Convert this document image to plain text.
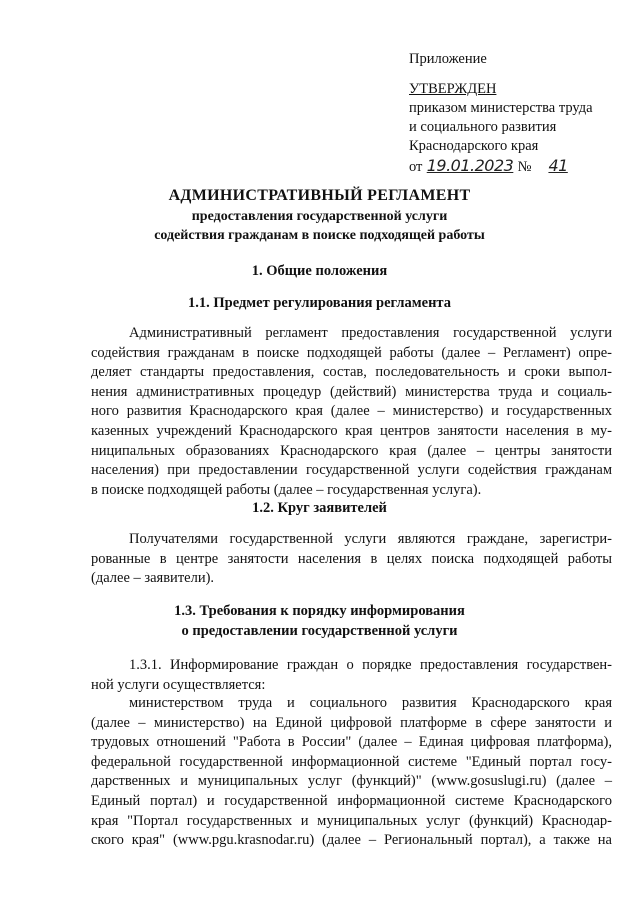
Приложение
УТВЕРЖДЕН
приказом министерства труда
и социального развития
Краснодарского края
от 19.01.2023 № 41
АДМИНИСТРАТИВНЫЙ РЕГЛАМЕНТ
предоставления государственной услуги
содействия гражданам в поиске подходящей работы
1. Общие положения
1.1. Предмет регулирования регламента
Административный регламент предоставления государственной услуги
содействия гражданам в поиске подходящей работы (далее – Регламент) опре-
деляет стандарты предоставления, состав, последовательность и сроки выпол-
нения административных процедур (действий) министерства труда и социаль-
ного развития Краснодарского края (далее – министерство) и государственных
казенных учреждений Краснодарского края центров занятости населения в му-
ниципальных образованиях Краснодарского края (далее – центры занятости
населения) при предоставлении государственной услуги содействия гражданам
в поиске подходящей работы (далее – государственная услуга).
1.2. Круг заявителей
Получателями государственной услуги являются граждане, зарегистри-
рованные в центре занятости населения в целях поиска подходящей работы
(далее – заявители).
1.3. Требования к порядку информирования
о предоставлении государственной услуги
1.3.1. Информирование граждан о порядке предоставления государствен-
ной услуги осуществляется:
министерством труда и социального развития Краснодарского края
(далее – министерство) на Единой цифровой платформе в сфере занятости и
трудовых отношений "Работа в России" (далее – Единая цифровая платформа),
федеральной государственной информационной системе "Единый портал госу-
дарственных и муниципальных услуг (функций)" (www.gosuslugi.ru) (далее –
Единый портал) и государственной информационной системе Краснодарского
края "Портал государственных и муниципальных услуг (функций) Краснодар-
ского края" (www.pgu.krasnodar.ru) (далее – Региональный портал), а также на
